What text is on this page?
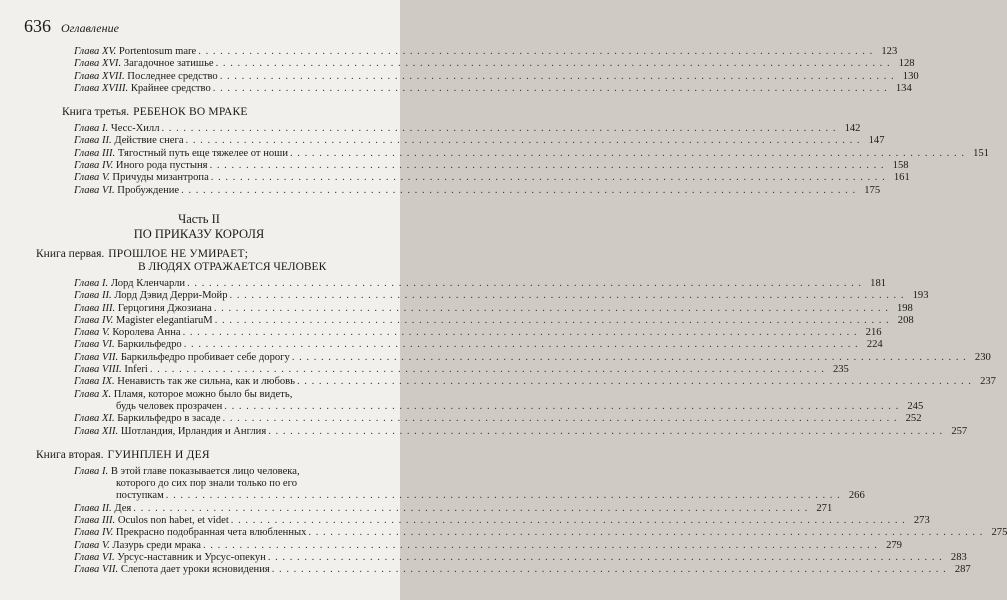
636 Оглавление
Глава XV. Portentosum mare . . .	123
Глава XVI. Загадочное затишье . . .	128
Глава XVII. Последнее средство . . .	130
Глава XVIII. Крайнее средство . . .	134

Книга третья. РЕБЕНОК ВО МРАКЕ

Глава I. Чесс-Хилл . . .	142
Глава II. Действие снега . . .	147
Глава III. Тягостный путь еще тяжелее от ноши . . .	151
Глава IV. Иного рода пустыня . . .	158
Глава V. Причуды мизантропа . . .	161
Глава VI. Пробуждение . . .	175
Часть II
ПО ПРИКАЗУ КОРОЛЯ

Книга первая. ПРОШЛОЕ НЕ УМИРАЕТ;

В ЛЮДЯХ ОТРАЖАЕТСЯ ЧЕЛОВЕК
Глава I. Лорд Кленчарли . . .	181
Глава II. Лорд Дэвид Дерри-Мойр . . .	193
Глава III. Герцогиня Джозиана . . .	198
Глава IV. Magister elegantiaruM . . .	208
Глава V. Королева Анна . . .	216
Глава VI. Баркильфедро . . .	224
Глава VII. Баркильфедро пробивает себе дорогу . . .	230
Глава VIII. Inferi . . .	235
Глава IX. Ненависть так же сильна, как и любовь . . .	237
Глава X. Пламя, которое можно было бы видеть,
будь человек прозрачен . . .	245
Глава XI. Баркильфедро в засаде . . .	252
Глава XII. Шотландия, Ирландия и Англия . . .	257

Книга вторая. ГУИНПЛЕН И ДЕЯ

Глава I. В этой главе показывается лицо человека,
которого до сих пор знали только по его
поступкам . . .	266
Глава II. Дея . . .	271
Глава III. Oculos non habet, et videt . . .	273
Глава IV. Прекрасно подобранная чета влюбленных . . .	275
Глава V. Лазурь среди мрака . . .	279
Глава VI. Урсус-наставник и Урсус-опекун . . .	283
Глава VII. Слепота дает уроки ясновидения . . .	287
